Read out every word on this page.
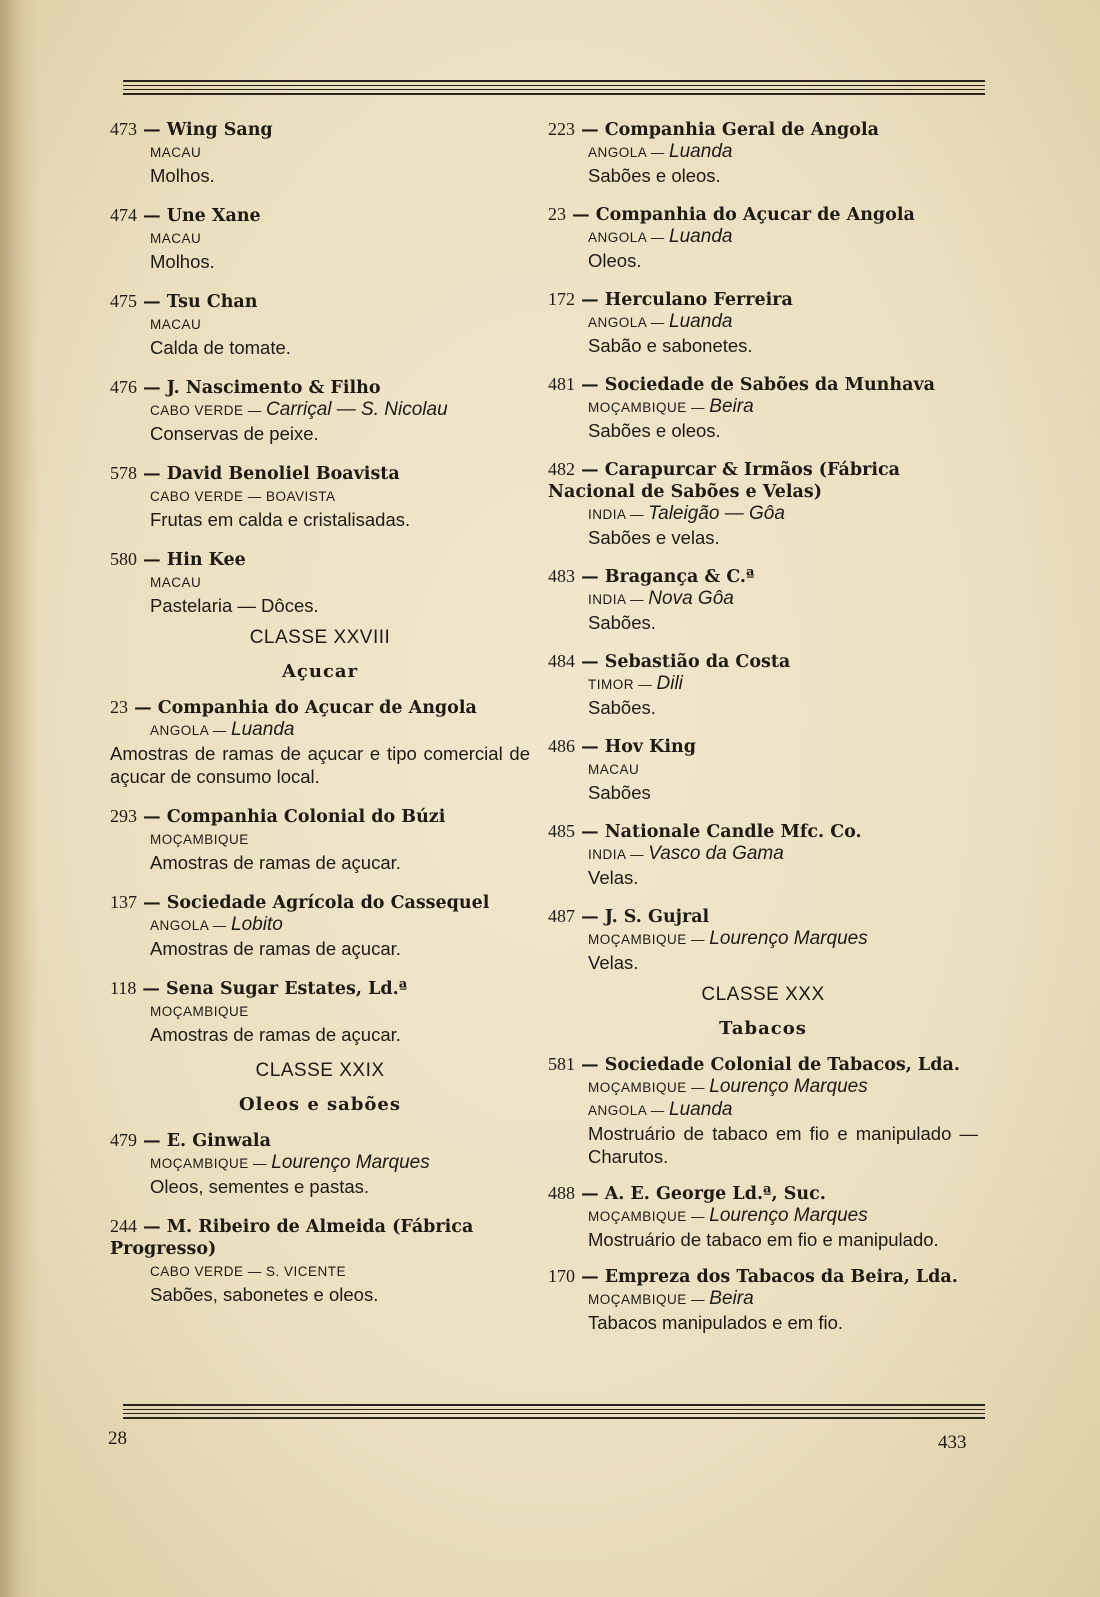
473 — Wing Sang
MACAU
Molhos.
474 — Une Xane
MACAU
Molhos.
475 — Tsu Chan
MACAU
Calda de tomate.
476 — J. Nascimento & Filho
CABO VERDE — Carriçal — S. Nicolau
Conservas de peixe.
578 — David Benoliel Boavista
CABO VERDE — BOAVISTA
Frutas em calda e cristalisadas.
580 — Hin Kee
MACAU
Pastelaria — Dôces.
CLASSE XXVIII
Açucar
23 — Companhia do Açucar de Angola
ANGOLA — Luanda
Amostras de ramas de açucar e tipo comercial de açucar de consumo local.
293 — Companhia Colonial do Búzi
MOÇAMBIQUE
Amostras de ramas de açucar.
137 — Sociedade Agrícola do Cassequel
ANGOLA — Lobito
Amostras de ramas de açucar.
118 — Sena Sugar Estates, Ld.ª
MOÇAMBIQUE
Amostras de ramas de açucar.
CLASSE XXIX
Oleos e sabões
479 — E. Ginwala
MOÇAMBIQUE — Lourenço Marques
Oleos, sementes e pastas.
244 — M. Ribeiro de Almeida (Fábrica Progresso)
CABO VERDE — S. VICENTE
Sabões, sabonetes e oleos.
223 — Companhia Geral de Angola
ANGOLA — Luanda
Sabões e oleos.
23 — Companhia do Açucar de Angola
ANGOLA — Luanda
Oleos.
172 — Herculano Ferreira
ANGOLA — Luanda
Sabão e sabonetes.
481 — Sociedade de Sabões da Munhava
MOÇAMBIQUE — Beira
Sabões e oleos.
482 — Carapurcar & Irmãos (Fábrica Nacional de Sabões e Velas)
INDIA — Taleigão — Gôa
Sabões e velas.
483 — Bragança & C.ª
INDIA — Nova Gôa
Sabões.
484 — Sebastião da Costa
TIMOR — Dili
Sabões.
486 — Hov King
MACAU
Sabões
485 — Nationale Candle Mfc. Co.
INDIA — Vasco da Gama
Velas.
487 — J. S. Gujral
MOÇAMBIQUE — Lourenço Marques
Velas.
CLASSE XXX
Tabacos
581 — Sociedade Colonial de Tabacos, Lda.
MOÇAMBIQUE — Lourenço Marques
ANGOLA — Luanda
Mostruário de tabaco em fio e manipulado — Charutos.
488 — A. E. George Ld.ª, Suc.
MOÇAMBIQUE — Lourenço Marques
Mostruário de tabaco em fio e manipulado.
170 — Empreza dos Tabacos da Beira, Lda.
MOÇAMBIQUE — Beira
Tabacos manipulados e em fio.
28	433
